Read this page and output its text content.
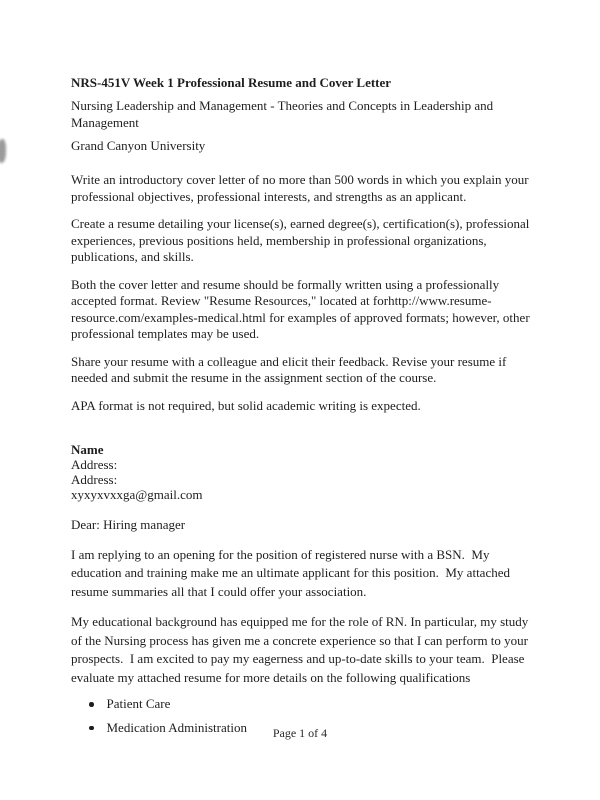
NRS-451V Week 1 Professional Resume and Cover Letter
Nursing Leadership and Management - Theories and Concepts in Leadership and Management
Grand Canyon University

Write an introductory cover letter of no more than 500 words in which you explain your professional objectives, professional interests, and strengths as an applicant.

Create a resume detailing your license(s), earned degree(s), certification(s), professional experiences, previous positions held, membership in professional organizations, publications, and skills.

Both the cover letter and resume should be formally written using a professionally accepted format. Review "Resume Resources," located at forhttp://www.resume-resource.com/examples-medical.html for examples of approved formats; however, other professional templates may be used.

Share your resume with a colleague and elicit their feedback. Revise your resume if needed and submit the resume in the assignment section of the course.

APA format is not required, but solid academic writing is expected.

Name
Address:
Address:
xyxyxvxxga@gmail.com
Dear: Hiring manager

I am replying to an opening for the position of registered nurse with a BSN.  My education and training make me an ultimate applicant for this position.  My attached resume summaries all that I could offer your association.

My educational background has equipped me for the role of RN. In particular, my study of the Nursing process has given me a concrete experience so that I can perform to your prospects.  I am excited to pay my eagerness and up-to-date skills to your team.  Please evaluate my attached resume for more details on the following qualifications

Patient Care
Medication Administration	Page 1 of 4
